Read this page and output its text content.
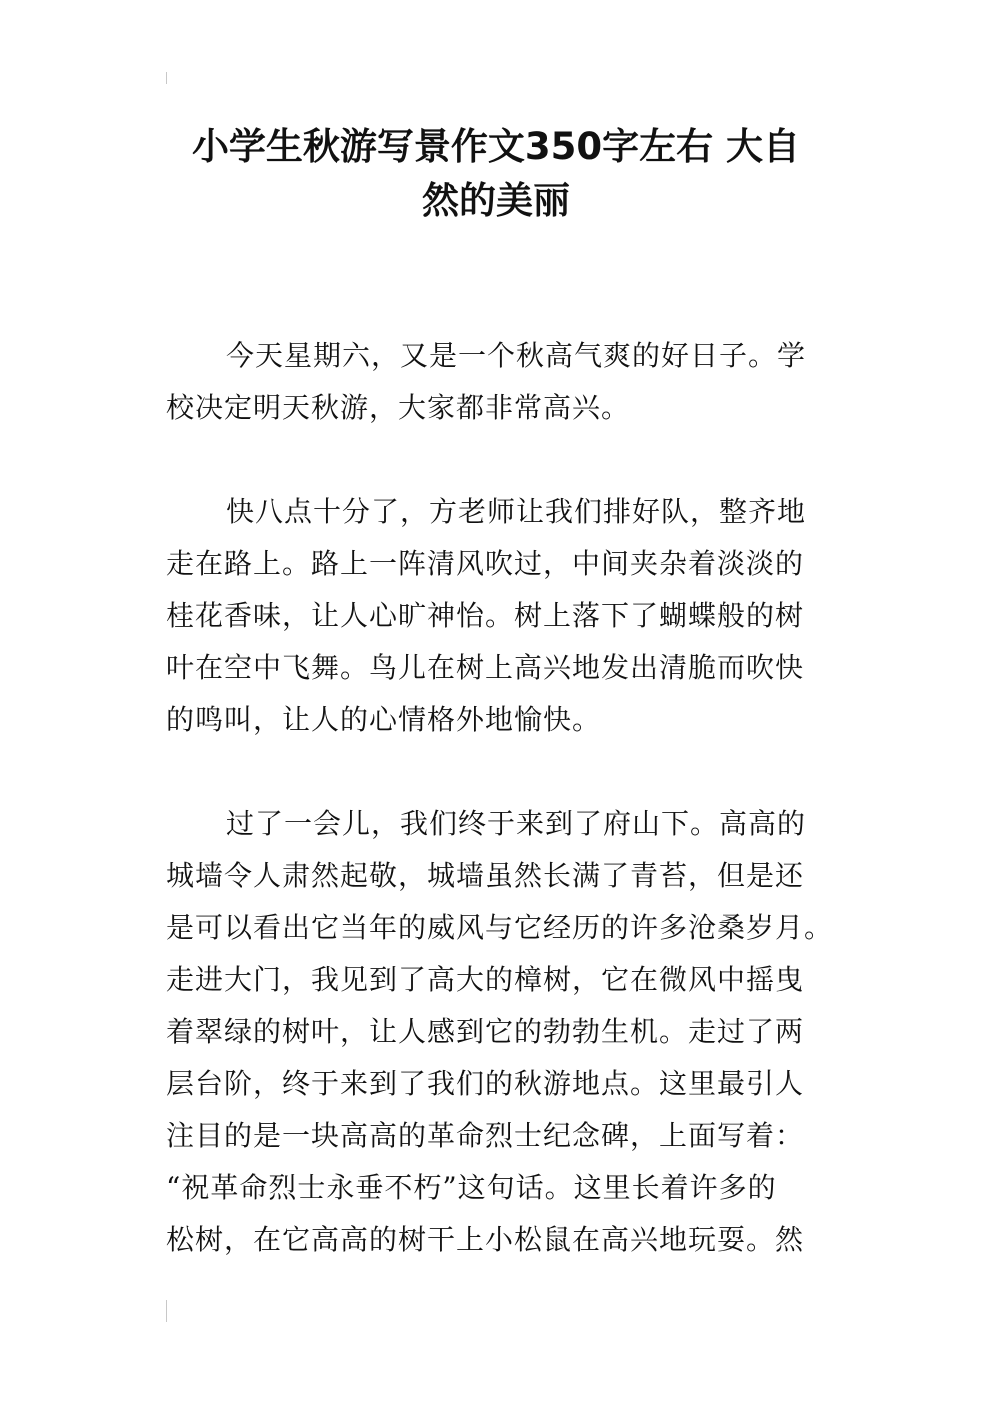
小学生秋游写景作文350字左右 大自
然的美丽
今天星期六，又是一个秋高气爽的好日子。学
校决定明天秋游，大家都非常高兴。
快八点十分了，方老师让我们排好队，整齐地
走在路上。路上一阵清风吹过，中间夹杂着淡淡的
桂花香味，让人心旷神怡。树上落下了蝴蝶般的树
叶在空中飞舞。鸟儿在树上高兴地发出清脆而吹快
的鸣叫，让人的心情格外地愉快。
过了一会儿，我们终于来到了府山下。高高的
城墙令人肃然起敬，城墙虽然长满了青苔，但是还
是可以看出它当年的威风与它经历的许多沧桑岁月。
走进大门，我见到了高大的樟树，它在微风中摇曳
着翠绿的树叶，让人感到它的勃勃生机。走过了两
层台阶，终于来到了我们的秋游地点。这里最引人
注目的是一块高高的革命烈士纪念碑，上面写着：
“祝革命烈士永垂不朽”这句话。这里长着许多的
松树，在它高高的树干上小松鼠在高兴地玩耍。然
